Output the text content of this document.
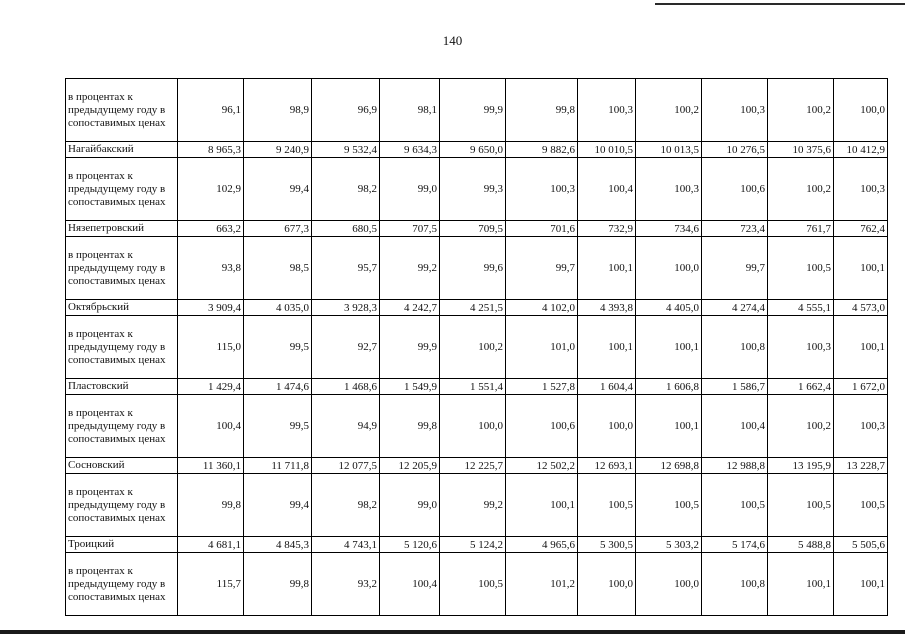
140
в процентах к предыдущему году в сопоставимых ценах	96,1	98,9	96,9	98,1	99,9	99,8	100,3	100,2	100,3	100,2	100,0
Нагайбакский	8 965,3	9 240,9	9 532,4	9 634,3	9 650,0	9 882,6	10 010,5	10 013,5	10 276,5	10 375,6	10 412,9
в процентах к предыдущему году в сопоставимых ценах	102,9	99,4	98,2	99,0	99,3	100,3	100,4	100,3	100,6	100,2	100,3
Нязепетровский	663,2	677,3	680,5	707,5	709,5	701,6	732,9	734,6	723,4	761,7	762,4
в процентах к предыдущему году в сопоставимых ценах	93,8	98,5	95,7	99,2	99,6	99,7	100,1	100,0	99,7	100,5	100,1
Октябрьский	3 909,4	4 035,0	3 928,3	4 242,7	4 251,5	4 102,0	4 393,8	4 405,0	4 274,4	4 555,1	4 573,0
в процентах к предыдущему году в сопоставимых ценах	115,0	99,5	92,7	99,9	100,2	101,0	100,1	100,1	100,8	100,3	100,1
Пластовский	1 429,4	1 474,6	1 468,6	1 549,9	1 551,4	1 527,8	1 604,4	1 606,8	1 586,7	1 662,4	1 672,0
в процентах к предыдущему году в сопоставимых ценах	100,4	99,5	94,9	99,8	100,0	100,6	100,0	100,1	100,4	100,2	100,3
Сосновский	11 360,1	11 711,8	12 077,5	12 205,9	12 225,7	12 502,2	12 693,1	12 698,8	12 988,8	13 195,9	13 228,7
в процентах к предыдущему году в сопоставимых ценах	99,8	99,4	98,2	99,0	99,2	100,1	100,5	100,5	100,5	100,5	100,5
Троицкий	4 681,1	4 845,3	4 743,1	5 120,6	5 124,2	4 965,6	5 300,5	5 303,2	5 174,6	5 488,8	5 505,6
в процентах к предыдущему году в сопоставимых ценах	115,7	99,8	93,2	100,4	100,5	101,2	100,0	100,0	100,8	100,1	100,1
